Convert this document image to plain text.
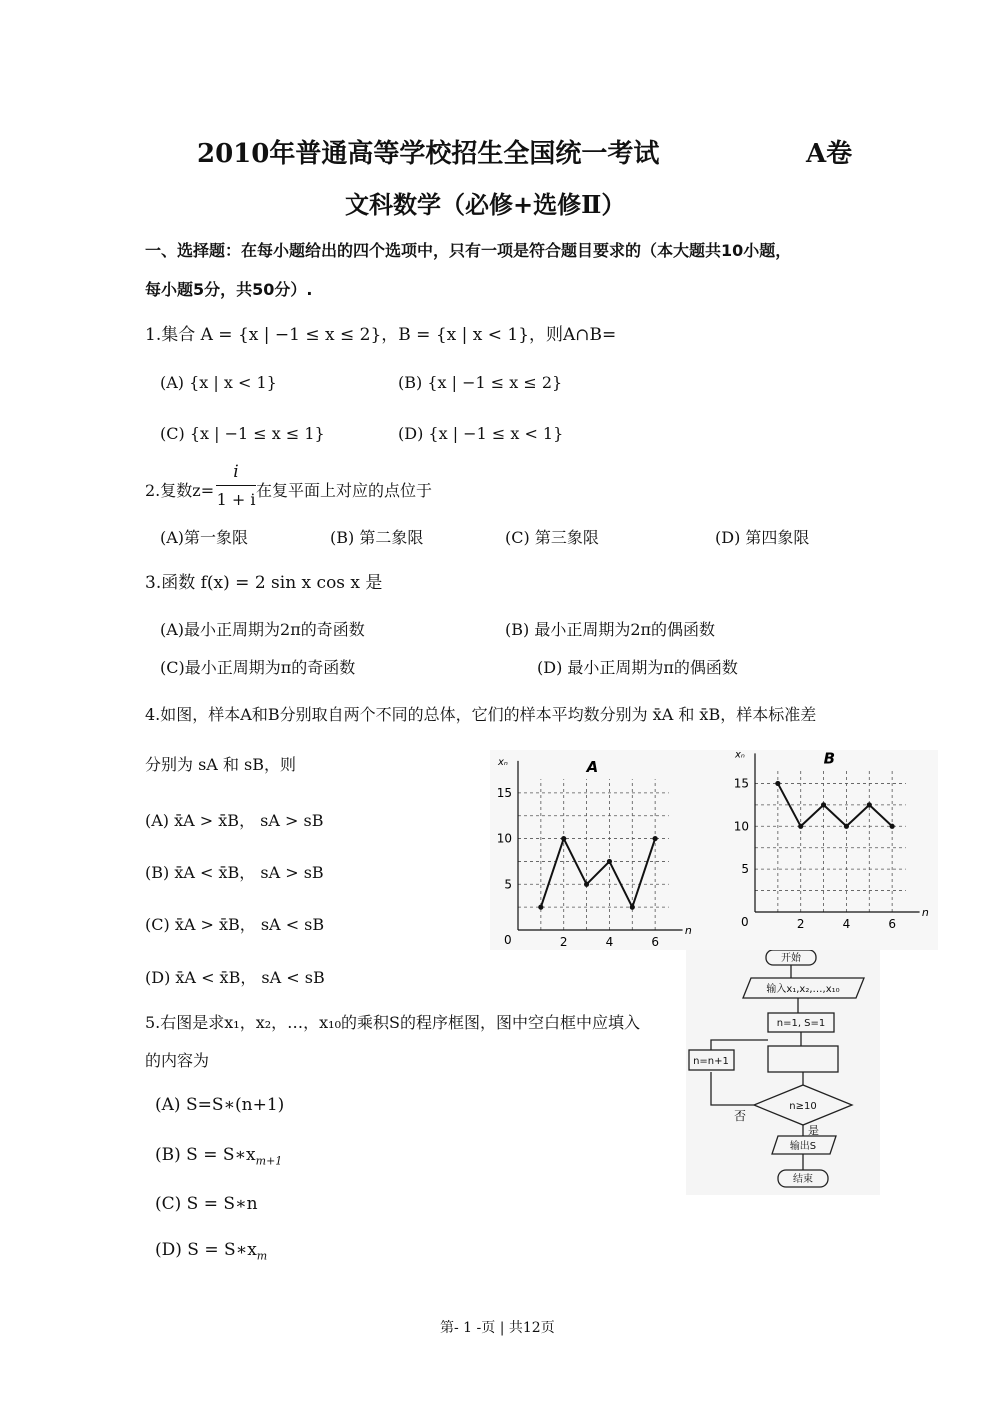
2010年普通高等学校招生全国统一考试	A卷
文科数学（必修+选修Ⅱ）
一、选择题：在每小题给出的四个选项中，只有一项是符合题目要求的（本大题共10小题，
每小题5分，共50分）.
1.集合 A = {x | −1 ≤ x ≤ 2}，B = {x | x < 1}，则A∩B=
(A) {x | x < 1}	(B) {x | −1 ≤ x ≤ 2}
(C) {x | −1 ≤ x ≤ 1}	(D) {x | −1 ≤ x < 1}
2.复数z=
i
1 + i 在复平面上对应的点位于
(A)第一象限	(B) 第二象限	(C) 第三象限	(D) 第四象限
3.函数 f(x) = 2 sin x cos x 是
(A)最小正周期为2π的奇函数	(B) 最小正周期为2π的偶函数
(C)最小正周期为π的奇函数	(D) 最小正周期为π的偶函数
4.如图，样本A和B分别取自两个不同的总体，它们的样本平均数分别为 x̄A 和 x̄B，样本标准差
分别为 sA 和 sB，则
(A) x̄A > x̄B， sA > sB
(B) x̄A < x̄B， sA > sB
(C) x̄A > x̄B， sA < sB
(D) x̄A < x̄B， sA < sB
xₙ
n
A
0	2	4	6
5
10
15
xₙ
n
B
0	2	4	6
5
10
15
5.右图是求x₁，x₂，…，x₁₀的乘积S的程序框图，图中空白框中应填入
的内容为
(A) S=S∗(n+1)
(B) $S = S∗x_{m+1}$
(C) S = S∗n
(D) $S = S∗x_m$
开始
输入x₁,x₂,…,x₁₀
n=1, S=1
n=n+1
n≥10
否
是
输出S
结束
第- 1 -页 | 共12页
